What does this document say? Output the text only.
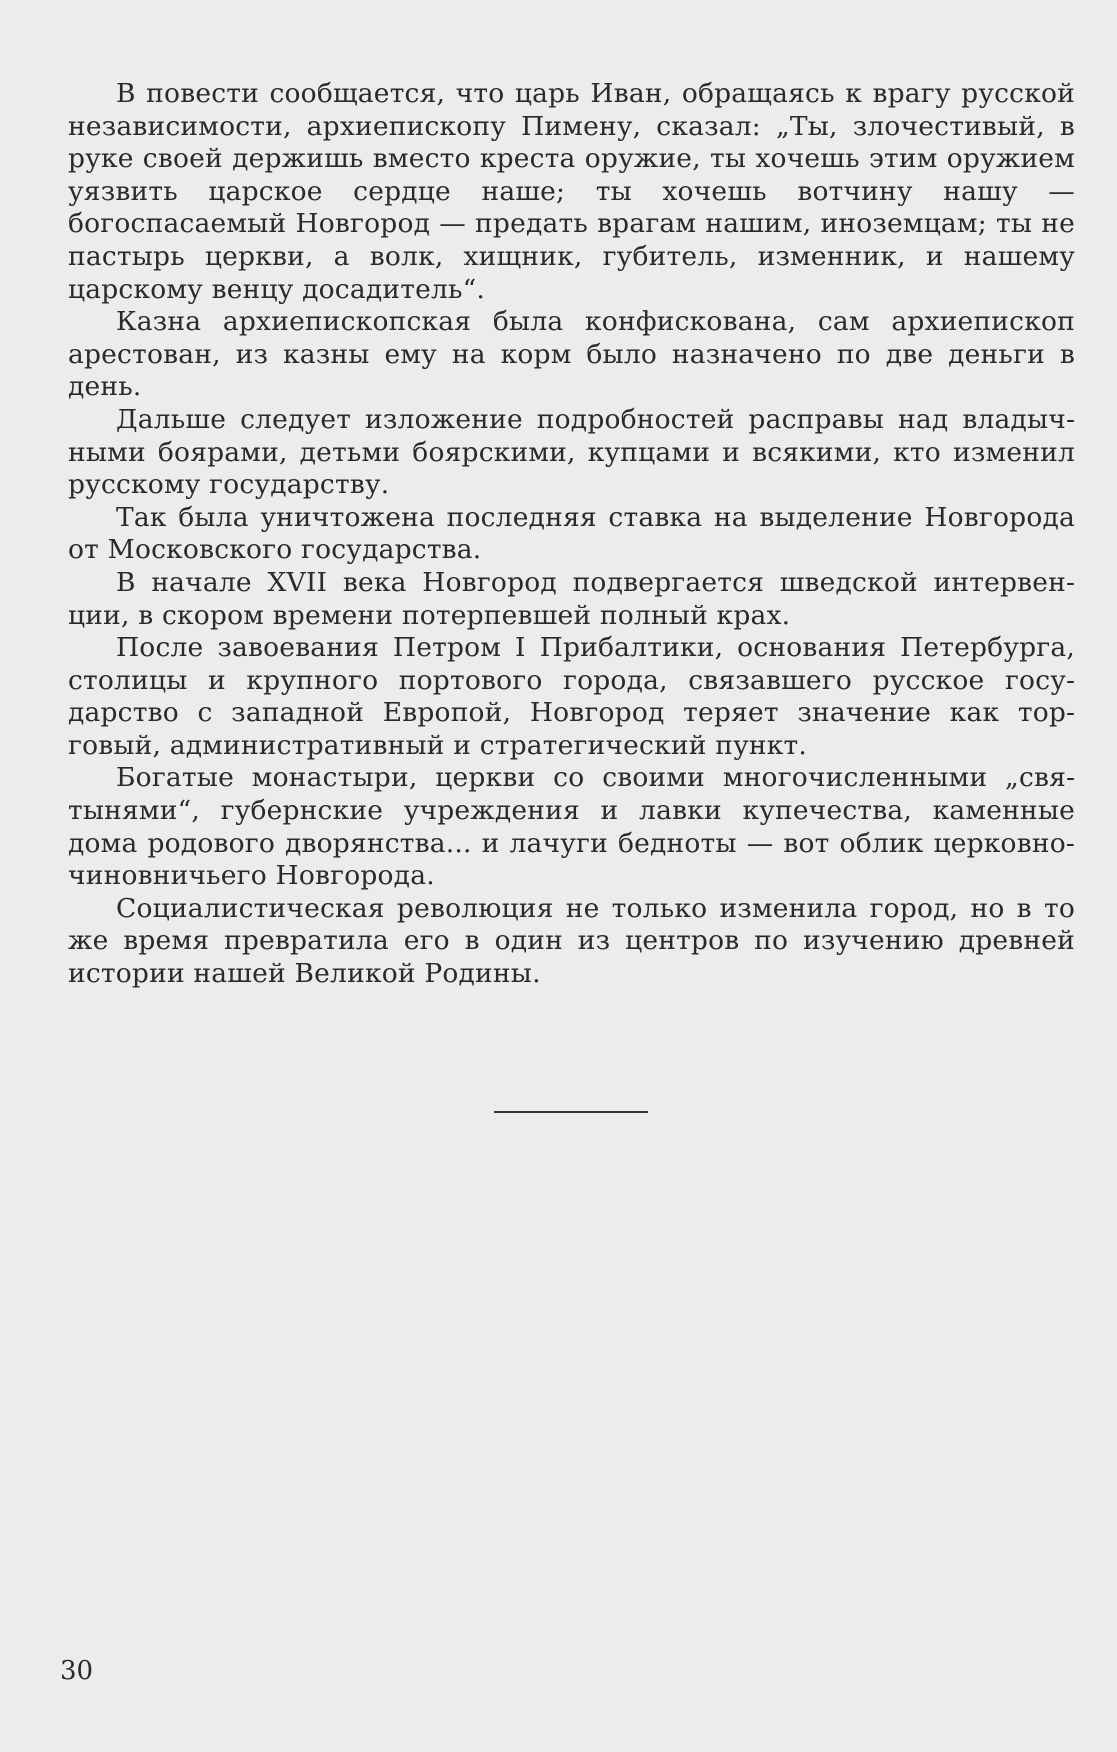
В повести сообщается, что царь Иван, обращаясь к врагу русской независимости, архиепископу Пимену, сказал: „Ты, злочестивый, в руке своей держишь вместо креста оружие, ты хочешь этим оружием уязвить царское сердце наше; ты хочешь вотчину нашу — богоспасаемый Новгород — предать врагам нашим, иноземцам; ты не пастырь церкви, а волк, хищник, губитель, изменник, и нашему царскому венцу досадитель“.

Казна архиепископская была конфискована, сам архиепископ арестован, из казны ему на корм было назначено по две деньги в день.

Дальше следует изложение подробностей расправы над владычными боярами, детьми боярскими, купцами и всякими, кто изменил русскому государству.

Так была уничтожена последняя ставка на выделение Новгорода от Московского государства.

В начале XVII века Новгород подвергается шведской интервенции, в скором времени потерпевшей полный крах.

После завоевания Петром I Прибалтики, основания Петербурга, столицы и крупного портового города, связавшего русское государство с западной Европой, Новгород теряет значение как торговый, административный и стратегический пункт.

Богатые монастыри, церкви со своими многочисленными „святынями“, губернские учреждения и лавки купечества, каменные дома родового дворянства... и лачуги бедноты — вот облик церковно-чиновничьего Новгорода.

Социалистическая революция не только изменила город, но в то же время превратила его в один из центров по изучению древней истории нашей Великой Родины.

30
